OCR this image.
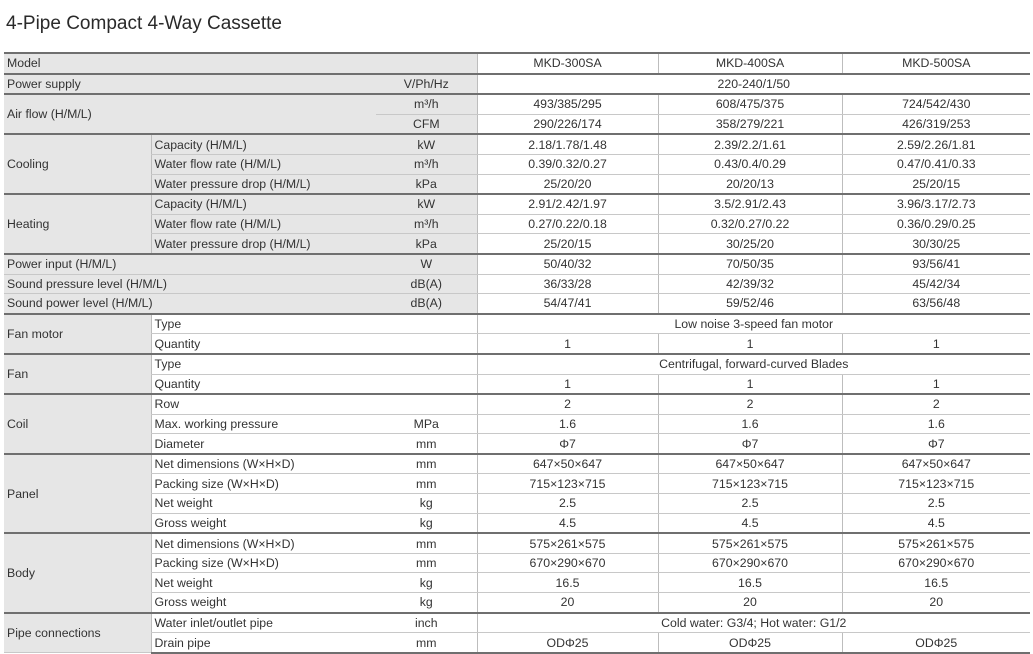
4-Pipe Compact 4-Way Cassette
Model			MKD-300SA	MKD-400SA	MKD-500SA
Power supply		V/Ph/Hz	220-240/1/50		
Air flow (H/M/L)		m³/h	493/385/295	608/475/375	724/542/430
		CFM	290/226/174	358/279/221	426/319/253
Cooling	Capacity (H/M/L)	kW	2.18/1.78/1.48	2.39/2.2/1.61	2.59/2.26/1.81
	Water flow rate (H/M/L)	m³/h	0.39/0.32/0.27	0.43/0.4/0.29	0.47/0.41/0.33
	Water pressure drop (H/M/L)	kPa	25/20/20	20/20/13	25/20/15
Heating	Capacity (H/M/L)	kW	2.91/2.42/1.97	3.5/2.91/2.43	3.96/3.17/2.73
	Water flow rate (H/M/L)	m³/h	0.27/0.22/0.18	0.32/0.27/0.22	0.36/0.29/0.25
	Water pressure drop (H/M/L)	kPa	25/20/15	30/25/20	30/30/25
Power input (H/M/L)		W	50/40/32	70/50/35	93/56/41
Sound pressure level (H/M/L)		dB(A)	36/33/28	42/39/32	45/42/34
Sound power level (H/M/L)		dB(A)	54/47/41	59/52/46	63/56/48
Fan motor	Type		Low noise 3-speed fan motor		
	Quantity		1	1	1
Fan	Type		Centrifugal, forward-curved Blades		
	Quantity		1	1	1
Coil	Row		2	2	2
	Max. working pressure	MPa	1.6	1.6	1.6
	Diameter	mm	Φ7	Φ7	Φ7
Panel	Net dimensions (W×H×D)	mm	647×50×647	647×50×647	647×50×647
	Packing size (W×H×D)	mm	715×123×715	715×123×715	715×123×715
	Net weight	kg	2.5	2.5	2.5
	Gross weight	kg	4.5	4.5	4.5
Body	Net dimensions (W×H×D)	mm	575×261×575	575×261×575	575×261×575
	Packing size (W×H×D)	mm	670×290×670	670×290×670	670×290×670
	Net weight	kg	16.5	16.5	16.5
	Gross weight	kg	20	20	20
Pipe connections	Water inlet/outlet pipe	inch	Cold water: G3/4; Hot water: G1/2		
	Drain pipe	mm	ODΦ25	ODΦ25	ODΦ25
